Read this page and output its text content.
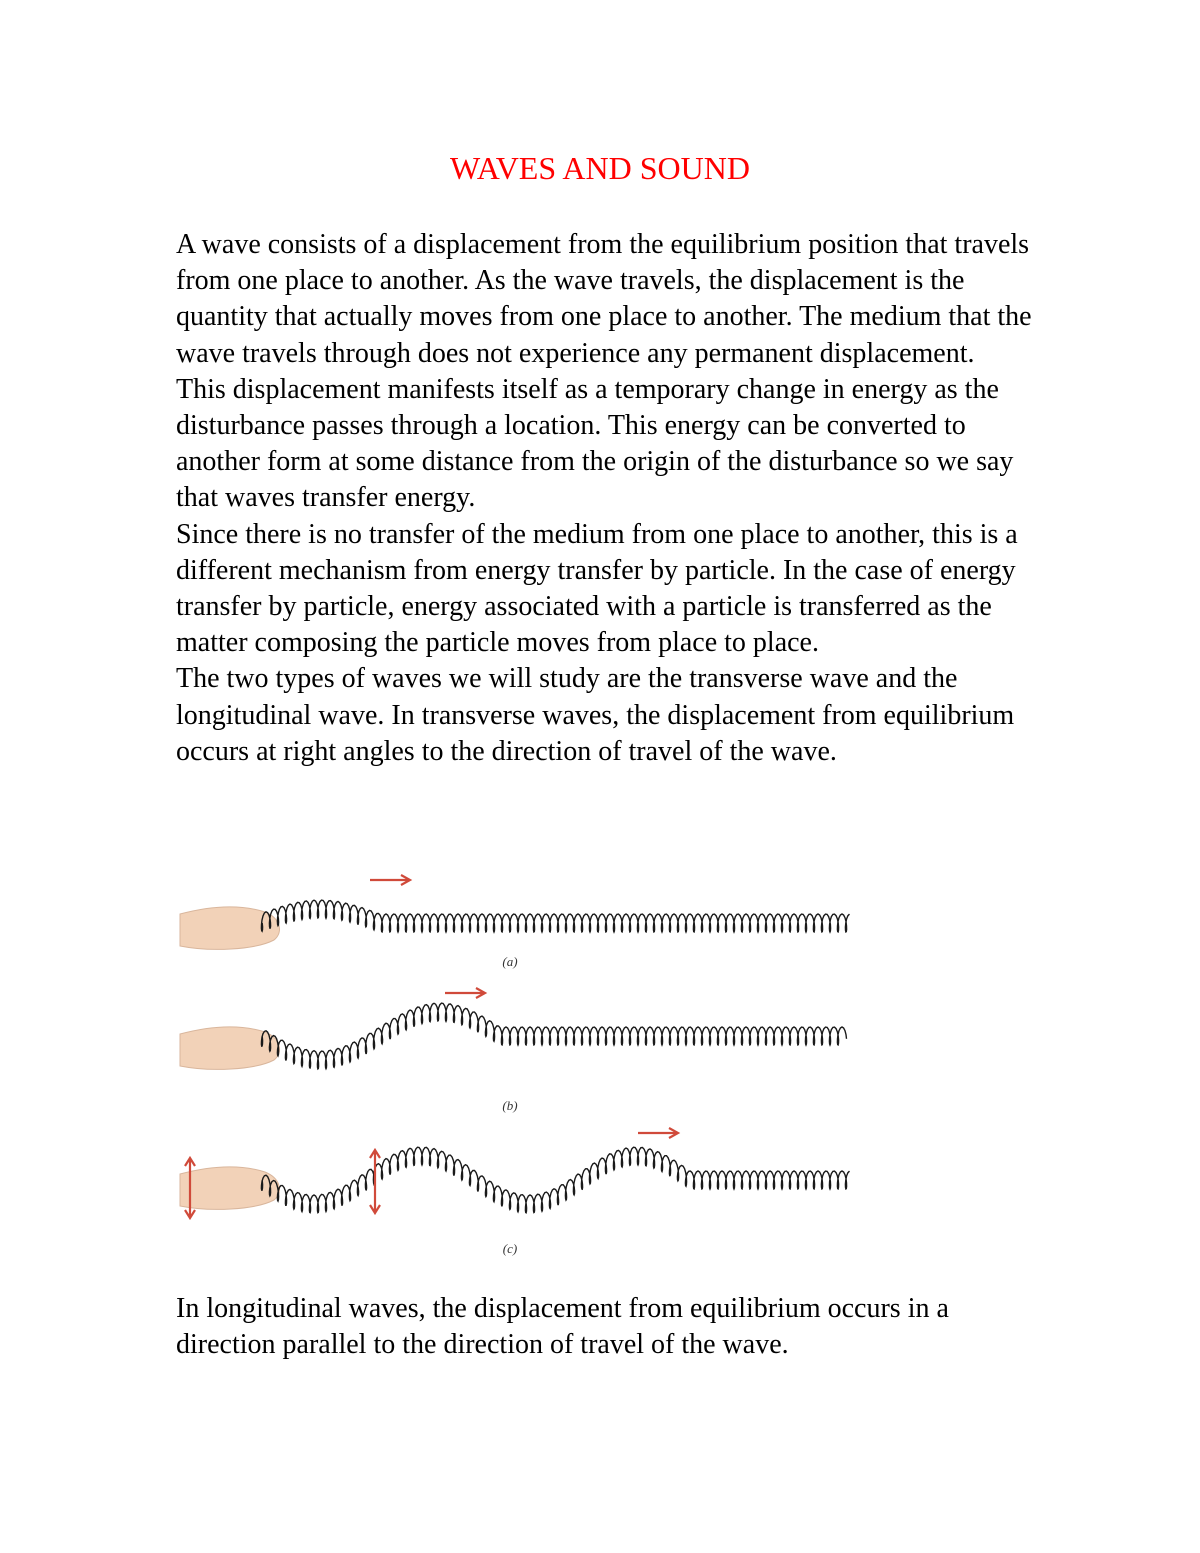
WAVES AND SOUND

A wave consists of a displacement from the equilibrium position that travels from one place to another. As the wave travels, the displacement is the quantity that actually moves from one place to another. The medium that the wave travels through does not experience any permanent displacement.

This displacement manifests itself as a temporary change in energy as the disturbance passes through a location. This energy can be converted to another form at some distance from the origin of the disturbance so we say that waves transfer energy.

Since there is no transfer of the medium from one place to another, this is a different mechanism from energy transfer by particle. In the case of energy transfer by particle, energy associated with a particle is transferred as the matter composing the particle moves from place to place.

The two types of waves we will study are the transverse wave and the longitudinal wave. In transverse waves, the displacement from equilibrium occurs at right angles to the direction of travel of the wave.

(a)
(b)
(c)

In longitudinal waves, the displacement from equilibrium occurs in a direction parallel to the direction of travel of the wave.
